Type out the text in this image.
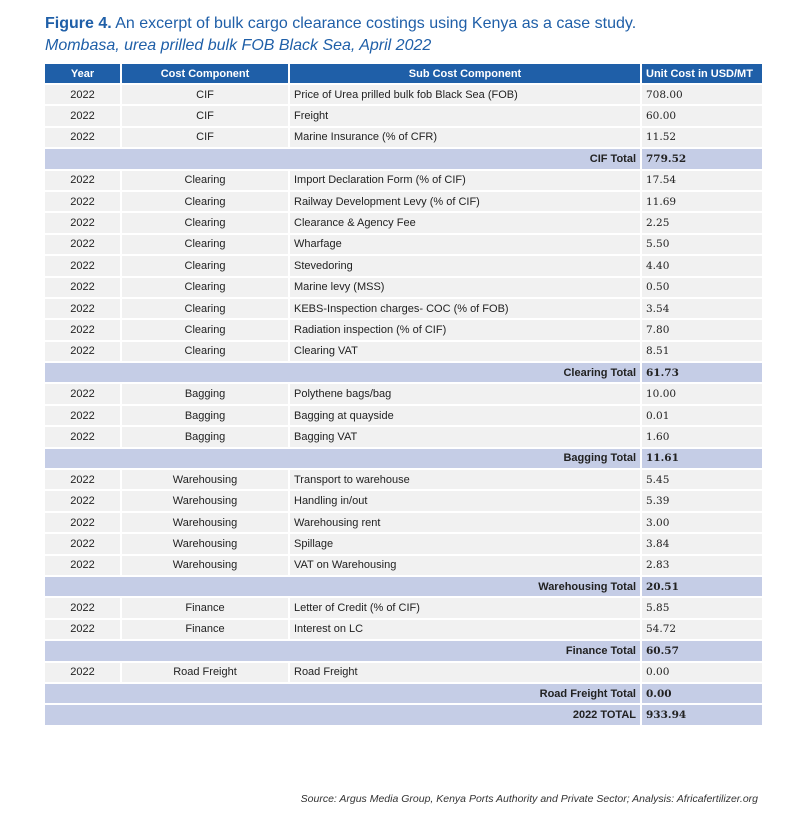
Figure 4. An excerpt of bulk cargo clearance costings using Kenya as a case study.
Mombasa, urea prilled bulk FOB Black Sea, April 2022
Year	Cost Component	Sub Cost Component	Unit Cost in USD/MT
2022	CIF	Price of Urea prilled bulk fob Black Sea (FOB)	708.00
2022	CIF	Freight	60.00
2022	CIF	Marine Insurance (% of CFR)	11.52
CIF Total			779.52
2022	Clearing	Import Declaration Form (% of CIF)	17.54
2022	Clearing	Railway Development Levy (% of CIF)	11.69
2022	Clearing	Clearance & Agency Fee	2.25
2022	Clearing	Wharfage	5.50
2022	Clearing	Stevedoring	4.40
2022	Clearing	Marine levy (MSS)	0.50
2022	Clearing	KEBS-Inspection charges- COC (% of FOB)	3.54
2022	Clearing	Radiation inspection (% of CIF)	7.80
2022	Clearing	Clearing VAT	8.51
Clearing Total			61.73
2022	Bagging	Polythene bags/bag	10.00
2022	Bagging	Bagging at quayside	0.01
2022	Bagging	Bagging VAT	1.60
Bagging Total			11.61
2022	Warehousing	Transport to warehouse	5.45
2022	Warehousing	Handling in/out	5.39
2022	Warehousing	Warehousing rent	3.00
2022	Warehousing	Spillage	3.84
2022	Warehousing	VAT on Warehousing	2.83
Warehousing Total			20.51
2022	Finance	Letter of Credit (% of CIF)	5.85
2022	Finance	Interest on LC	54.72
Finance Total			60.57
2022	Road Freight	Road Freight	0.00
Road Freight Total			0.00
2022 TOTAL			933.94
Source: Argus Media Group, Kenya Ports Authority and Private Sector; Analysis: Africafertilizer.org
